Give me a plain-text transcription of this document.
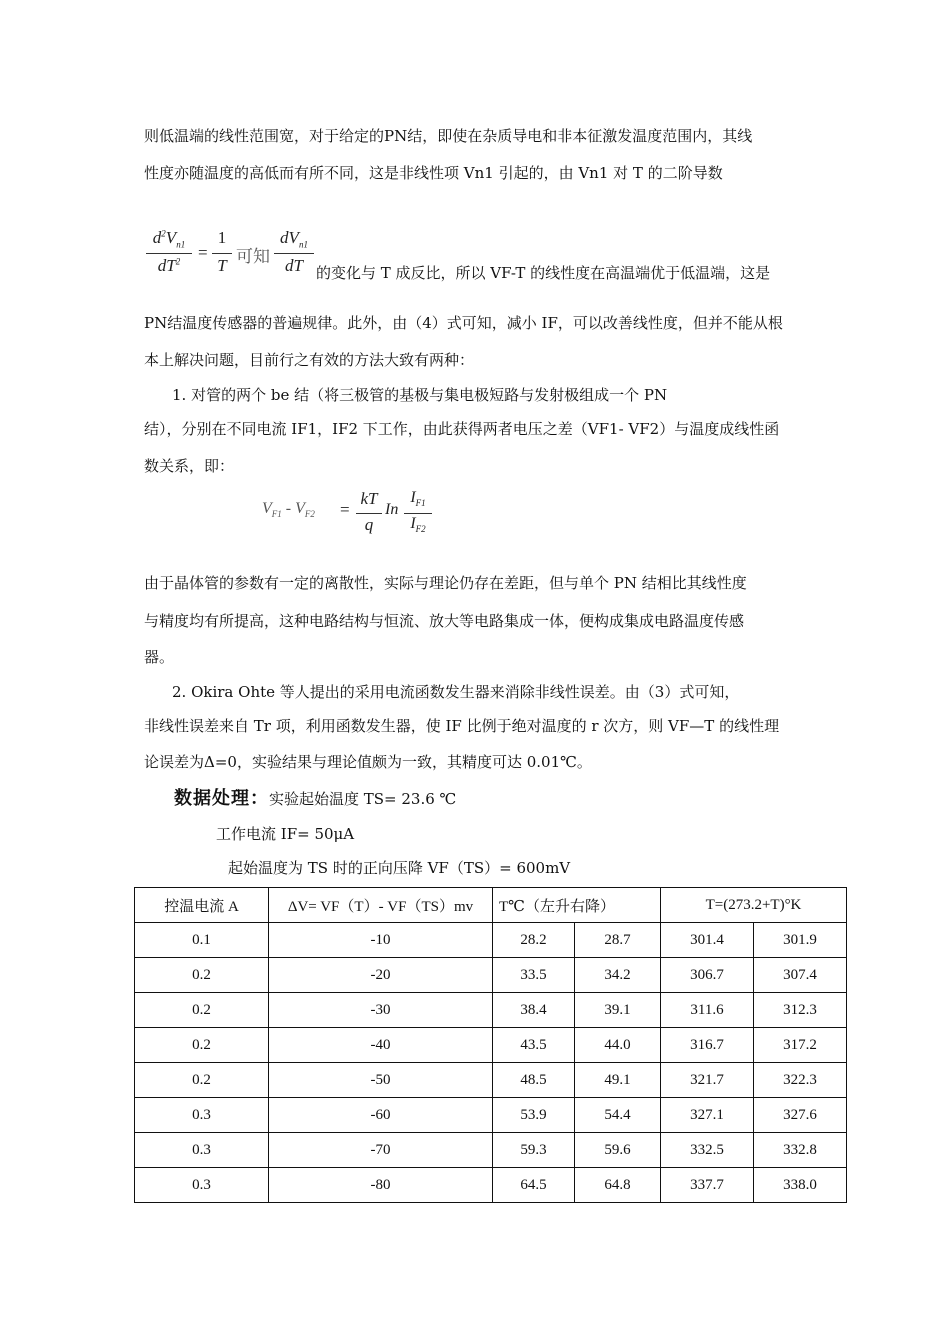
则低温端的线性范围宽，对于给定的PN结，即使在杂质导电和非本征激发温度范围内，其线
性度亦随温度的高低而有所不同，这是非线性项 Vn1 引起的，由 Vn1 对 T 的二阶导数
$d^2V_{n1}$
$dT^2$	=
1
T 可知
$dV_{n1}$
dT 的变化与 T 成反比，所以 VF-T 的线性度在高温端优于低温端，这是
PN结温度传感器的普遍规律。此外，由（4）式可知，减小 IF，可以改善线性度，但并不能从根
本上解决问题，目前行之有效的方法大致有两种：
1. 对管的两个 be 结（将三极管的基极与集电极短路与发射极组成一个 PN
结），分别在不同电流 IF1，IF2 下工作，由此获得两者电压之差（VF1- VF2）与温度成线性函
数关系，即：
$V_{F1} - V_{F2}$ =
kT
q
In
$I_{F1}$
$I_{F2}$
由于晶体管的参数有一定的离散性，实际与理论仍存在差距，但与单个 PN 结相比其线性度
与精度均有所提高，这种电路结构与恒流、放大等电路集成一体，便构成集成电路温度传感
器。
2. Okira Ohte 等人提出的采用电流函数发生器来消除非线性误差。由（3）式可知，
非线性误差来自 Tr 项，利用函数发生器，使 IF 比例于绝对温度的 r 次方，则 VF—T 的线性理
论误差为Δ=0，实验结果与理论值颇为一致，其精度可达 0.01℃。
数据处理：实验起始温度 TS= 23.6 ℃
工作电流 IF= 50μA
起始温度为 TS 时的正向压降 VF（TS）= 600mV
控温电流 A	ΔV= VF（T）- VF（TS）mv	T℃（左升右降）		T=(273.2+T)°K	
0.1	-10	28.2	28.7	301.4	301.9
0.2	-20	33.5	34.2	306.7	307.4
0.2	-30	38.4	39.1	311.6	312.3
0.2	-40	43.5	44.0	316.7	317.2
0.2	-50	48.5	49.1	321.7	322.3
0.3	-60	53.9	54.4	327.1	327.6
0.3	-70	59.3	59.6	332.5	332.8
0.3	-80	64.5	64.8	337.7	338.0
